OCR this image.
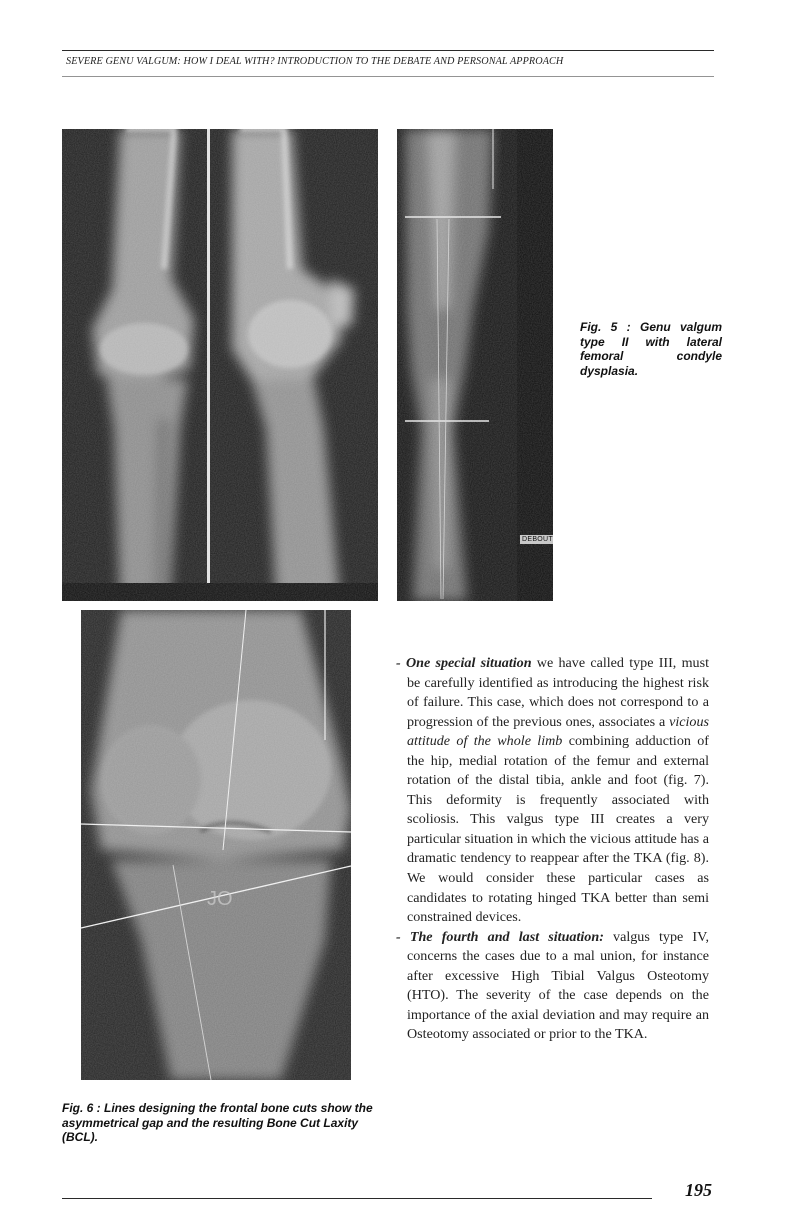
SEVERE GENU VALGUM: HOW I DEAL WITH? INTRODUCTION TO THE DEBATE AND PERSONAL APPROACH
DEBOUT

Fig. 5 : Genu valgum type II with lateral femoral condyle dysplasia.

JO

Fig. 6 : Lines designing the frontal bone cuts show the asymmetrical gap and the resulting Bone Cut Laxity (BCL).

- One special situation we have called type III, must be carefully identified as introducing the highest risk of failure. This case, which does not correspond to a progression of the previous ones, associates a vicious attitude of the whole limb combining adduction of the hip, medial rotation of the femur and external rotation of the distal tibia, ankle and foot (fig. 7). This deformity is frequently associated with scoliosis. This valgus type III creates a very particular situation in which the vicious attitude has a dramatic tendency to reappear after the TKA (fig. 8). We would consider these particular cases as candidates to rotating hinged TKA better than semi constrained devices.

- The fourth and last situation: valgus type IV, concerns the cases due to a mal union, for instance after excessive High Tibial Valgus Osteotomy (HTO). The severity of the case depends on the importance of the axial deviation and may require an Osteotomy associated or prior to the TKA.

195
